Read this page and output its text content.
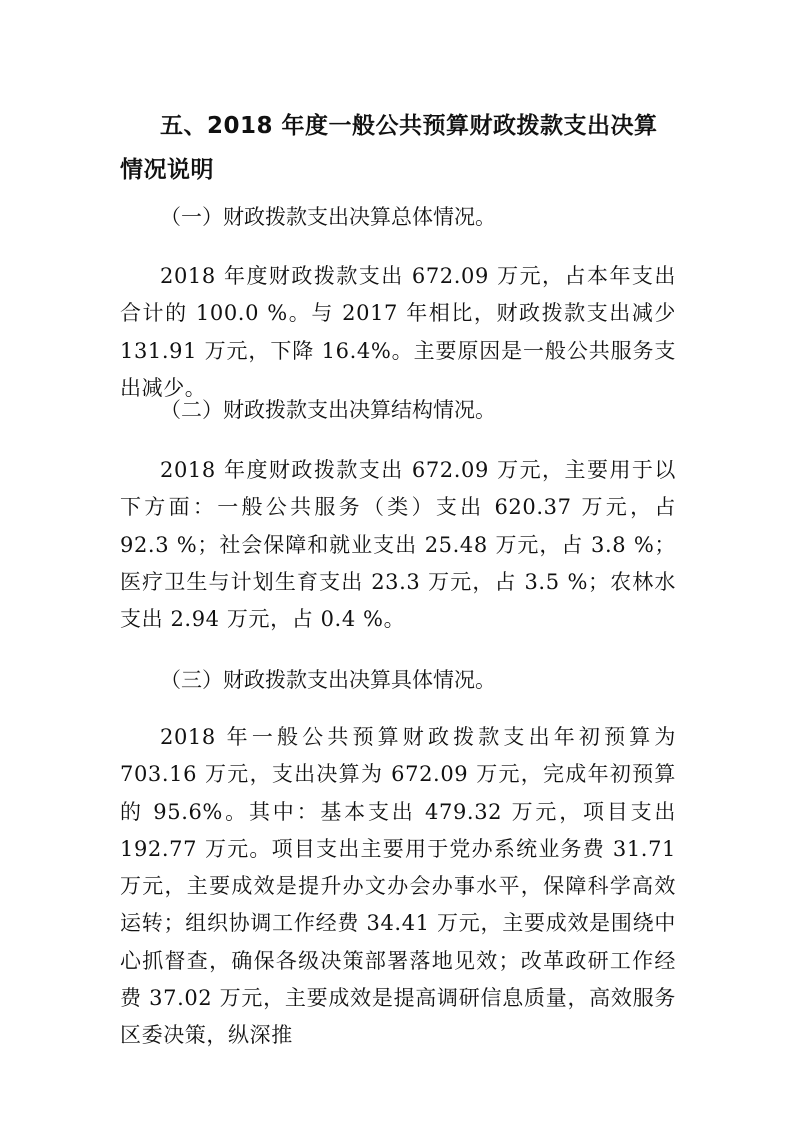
五、2018 年度一般公共预算财政拨款支出决算情况说明

（一）财政拨款支出决算总体情况。

2018 年度财政拨款支出 672.09 万元，占本年支出合计的 100.0 %。与 2017 年相比，财政拨款支出减少 131.91 万元，下降 16.4%。主要原因是一般公共服务支出减少。

（二）财政拨款支出决算结构情况。

2018 年度财政拨款支出 672.09 万元，主要用于以下方面：一般公共服务（类）支出 620.37 万元，占 92.3 %；社会保障和就业支出 25.48 万元，占 3.8 %；医疗卫生与计划生育支出 23.3 万元，占 3.5 %；农林水支出 2.94 万元，占 0.4 %。

（三）财政拨款支出决算具体情况。

2018 年一般公共预算财政拨款支出年初预算为 703.16 万元，支出决算为 672.09 万元，完成年初预算的 95.6%。其中：基本支出 479.32 万元，项目支出 192.77 万元。项目支出主要用于党办系统业务费 31.71 万元，主要成效是提升办文办会办事水平，保障科学高效运转；组织协调工作经费 34.41 万元，主要成效是围绕中心抓督查，确保各级决策部署落地见效；改革政研工作经费 37.02 万元，主要成效是提高调研信息质量，高效服务区委决策，纵深推
